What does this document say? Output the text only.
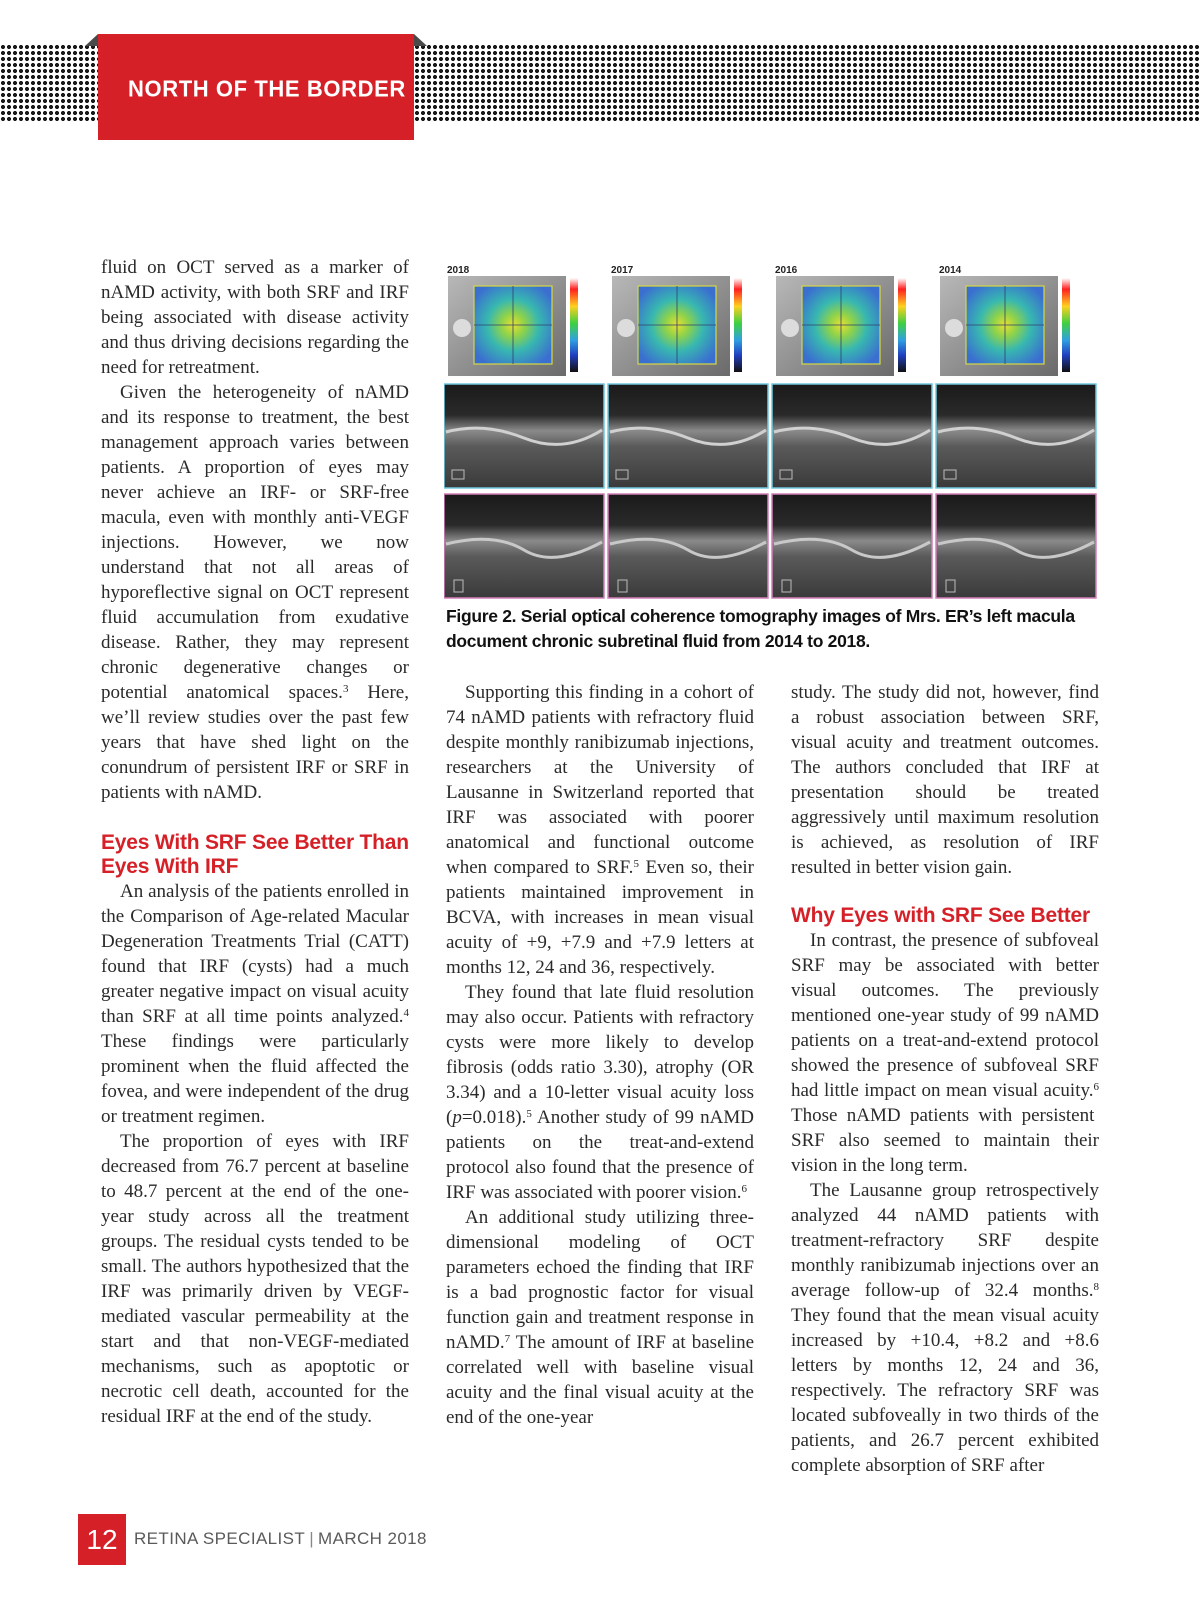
NORTH OF THE BORDER

fluid on OCT served as a marker of nAMD activity, with both SRF and IRF being associated with disease activity and thus driving decisions regarding the need for retreatment.

Given the heterogeneity of nAMD and its response to treatment, the best management approach varies between patients. A proportion of eyes may never achieve an IRF- or SRF-free macula, even with monthly anti-VEGF injections. However, we now understand that not all areas of hyporeflective signal on OCT represent fluid accumulation from exudative disease. Rather, they may represent chronic degenerative changes or potential anatomical spaces.$^3$ Here, we’ll review studies over the past few years that have shed light on the conundrum of persistent IRF or SRF in patients with nAMD.

Eyes With SRF See Better Than Eyes With IRF

An analysis of the patients enrolled in the Comparison of Age-related Macular Degeneration Treatments Trial (CATT) found that IRF (cysts) had a much greater negative impact on visual acuity than SRF at all time points analyzed.$^4$ These findings were particularly prominent when the fluid affected the fovea, and were independent of the drug or treatment regimen.

The proportion of eyes with IRF decreased from 76.7 percent at baseline to 48.7 percent at the end of the one-year study across all the treatment groups. The residual cysts tended to be small. The authors hypothesized that the IRF was primarily driven by VEGF-mediated vascular permeability at the start and that non-VEGF-mediated mechanisms, such as apoptotic or necrotic cell death, accounted for the residual IRF at the end of the study.

2018	2017	2016	2014
Figure 2. Serial optical coherence tomography images of Mrs. ER’s left macula document chronic subretinal fluid from 2014 to 2018.

Supporting this finding in a cohort of 74 nAMD patients with refractory fluid despite monthly ranibizumab injections, researchers at the University of Lausanne in Switzerland reported that IRF was associated with poorer anatomical and functional outcome when compared to SRF.$^5$ Even so, their patients maintained improvement in BCVA, with increases in mean visual acuity of +9, +7.9 and +7.9 letters at months 12, 24 and 36, respectively.

They found that late fluid resolution may also occur. Patients with refractory cysts were more likely to develop fibrosis (odds ratio 3.30), atrophy (OR 3.34) and a 10-letter visual acuity loss (p=0.018).$^5$ Another study of 99 nAMD patients on the treat-and-extend protocol also found that the presence of IRF was associated with poorer vision.$^6$

An additional study utilizing three-dimensional modeling of OCT parameters echoed the finding that IRF is a bad prognostic factor for visual function gain and treatment response in nAMD.$^7$ The amount of IRF at baseline correlated well with baseline visual acuity and the final visual acuity at the end of the one-year

study. The study did not, however, find a robust association between SRF, visual acuity and treatment outcomes. The authors concluded that IRF at presentation should be treated aggressively until maximum resolution is achieved, as resolution of IRF resulted in better vision gain.

Why Eyes with SRF See Better

In contrast, the presence of subfoveal SRF may be associated with better visual outcomes. The previously mentioned one-year study of 99 nAMD patients on a treat-and-extend protocol showed the presence of subfoveal SRF had little impact on mean visual acuity.$^6$ Those nAMD patients with persistent SRF also seemed to maintain their vision in the long term.

The Lausanne group retrospectively analyzed 44 nAMD patients with treatment-refractory SRF despite monthly ranibizumab injections over an average follow-up of 32.4 months.$^8$ They found that the mean visual acuity increased by +10.4, +8.2 and +8.6 letters by months 12, 24 and 36, respectively. The refractory SRF was located subfoveally in two thirds of the patients, and 26.7 percent exhibited complete absorption of SRF after

12 RETINA SPECIALIST | MARCH 2018
